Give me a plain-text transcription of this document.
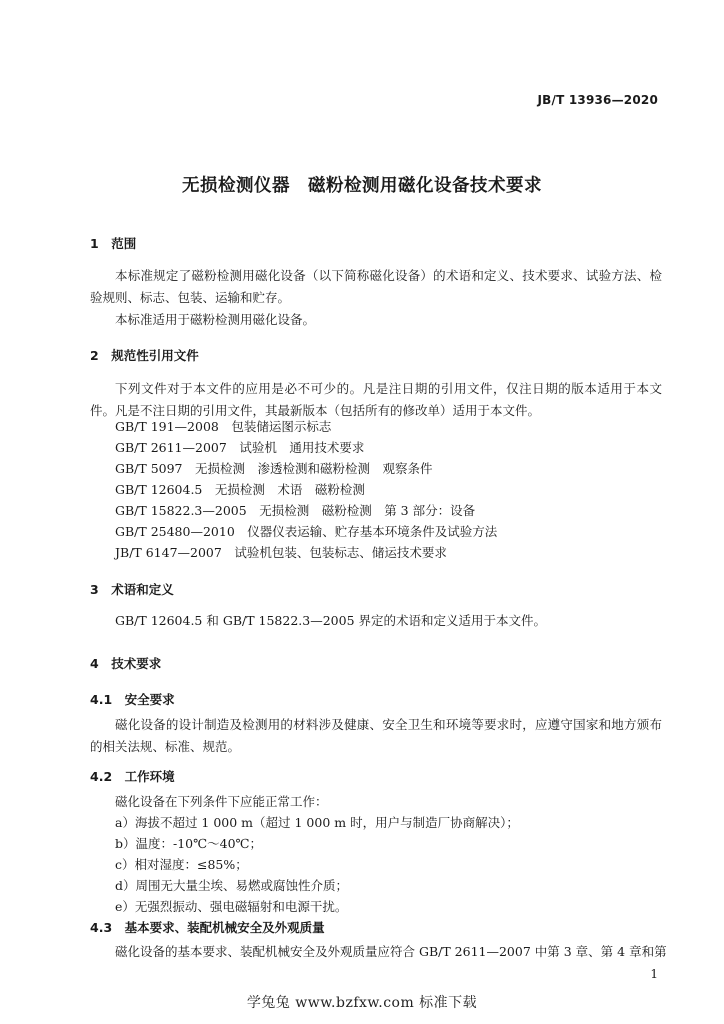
JB/T 13936—2020
无损检测仪器　磁粉检测用磁化设备技术要求
1　范围
本标准规定了磁粉检测用磁化设备（以下简称磁化设备）的术语和定义、技术要求、试验方法、检验规则、标志、包装、运输和贮存。
本标准适用于磁粉检测用磁化设备。
2　规范性引用文件
下列文件对于本文件的应用是必不可少的。凡是注日期的引用文件，仅注日期的版本适用于本文件。凡是不注日期的引用文件，其最新版本（包括所有的修改单）适用于本文件。
GB/T 191—2008　包装储运图示标志
GB/T 2611—2007　试验机　通用技术要求
GB/T 5097　无损检测　渗透检测和磁粉检测　观察条件
GB/T 12604.5　无损检测　术语　磁粉检测
GB/T 15822.3—2005　无损检测　磁粉检测　第 3 部分：设备
GB/T 25480—2010　仪器仪表运输、贮存基本环境条件及试验方法
JB/T 6147—2007　试验机包装、包装标志、储运技术要求
3　术语和定义
GB/T 12604.5 和 GB/T 15822.3—2005 界定的术语和定义适用于本文件。
4　技术要求
4.1　安全要求
磁化设备的设计制造及检测用的材料涉及健康、安全卫生和环境等要求时，应遵守国家和地方颁布的相关法规、标准、规范。
4.2　工作环境
磁化设备在下列条件下应能正常工作：
a）海拔不超过 1 000 m（超过 1 000 m 时，用户与制造厂协商解决）；
b）温度：-10℃～40℃；
c）相对湿度：≤85%；
d）周围无大量尘埃、易燃或腐蚀性介质；
e）无强烈振动、强电磁辐射和电源干扰。
4.3　基本要求、装配机械安全及外观质量
磁化设备的基本要求、装配机械安全及外观质量应符合 GB/T 2611—2007 中第 3 章、第 4 章和第
1
学兔兔 www.bzfxw.com 标准下载
